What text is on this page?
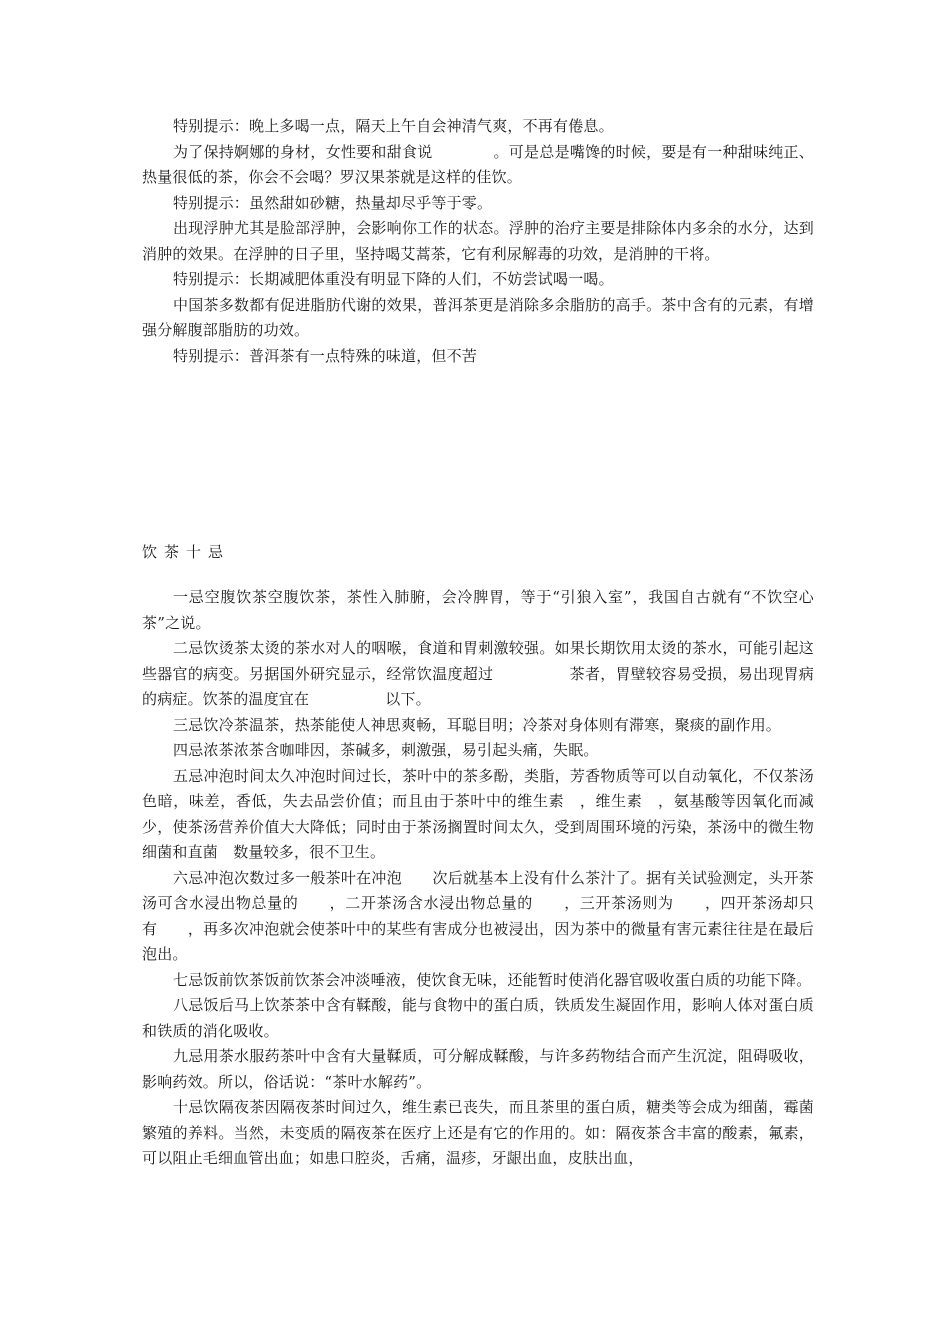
特别提示：晚上多喝一点，隔天上午自会神清气爽，不再有倦息。

为了保持婀娜的身材，女性要和甜食说　　　　。可是总是嘴馋的时候，要是有一种甜味纯正、热量很低的茶，你会不会喝？罗汉果茶就是这样的佳饮。

特别提示：虽然甜如砂糖，热量却尽乎等于零。

出现浮肿尤其是脸部浮肿，会影响你工作的状态。浮肿的治疗主要是排除体内多余的水分，达到消肿的效果。在浮肿的日子里，坚持喝艾蒿茶，它有利尿解毒的功效，是消肿的干将。

特别提示：长期减肥体重没有明显下降的人们，不妨尝试喝一喝。

中国茶多数都有促进脂肪代谢的效果，普洱茶更是消除多余脂肪的高手。茶中含有的元素，有增强分解腹部脂肪的功效。

特别提示：普洱茶有一点特殊的味道，但不苦

饮茶十忌

一忌空腹饮茶空腹饮茶，茶性入肺腑，会冷脾胃，等于“引狼入室”，我国自古就有“不饮空心茶”之说。

二忌饮烫茶太烫的茶水对人的咽喉，食道和胃刺激较强。如果长期饮用太烫的茶水，可能引起这些器官的病变。另据国外研究显示，经常饮温度超过　　　　　茶者，胃壁较容易受损，易出现胃病的病症。饮茶的温度宜在　　　　　以下。

三忌饮冷茶温茶，热茶能使人神思爽畅，耳聪目明；冷茶对身体则有滞寒，聚痰的副作用。

四忌浓茶浓茶含咖啡因，茶碱多，刺激强，易引起头痛，失眠。

五忌冲泡时间太久冲泡时间过长，茶叶中的茶多酚，类脂，芳香物质等可以自动氧化，不仅茶汤色暗，味差，香低，失去品尝价值；而且由于茶叶中的维生素　，维生素　，氨基酸等因氧化而减少，使茶汤营养价值大大降低；同时由于茶汤搁置时间太久，受到周围环境的污染，茶汤中的微生物　细菌和直菌　数量较多，很不卫生。

六忌冲泡次数过多一般茶叶在冲泡　　次后就基本上没有什么茶汁了。据有关试验测定，头开茶汤可含水浸出物总量的　　，二开茶汤含水浸出物总量的　　，三开茶汤则为　　，四开茶汤却只有　　，再多次冲泡就会使茶叶中的某些有害成分也被浸出，因为茶中的微量有害元素往往是在最后泡出。

七忌饭前饮茶饭前饮茶会冲淡唾液，使饮食无味，还能暂时使消化器官吸收蛋白质的功能下降。

八忌饭后马上饮茶茶中含有鞣酸，能与食物中的蛋白质，铁质发生凝固作用，影响人体对蛋白质和铁质的消化吸收。

九忌用茶水服药茶叶中含有大量鞣质，可分解成鞣酸，与许多药物结合而产生沉淀，阻碍吸收，影响药效。所以，俗话说：“茶叶水解药”。

十忌饮隔夜茶因隔夜茶时间过久，维生素已丧失，而且茶里的蛋白质，糖类等会成为细菌，霉菌繁殖的养料。当然，未变质的隔夜茶在医疗上还是有它的作用的。如：隔夜茶含丰富的酸素，氟素，可以阻止毛细血管出血；如患口腔炎，舌痛，温疹，牙龈出血，皮肤出血，
